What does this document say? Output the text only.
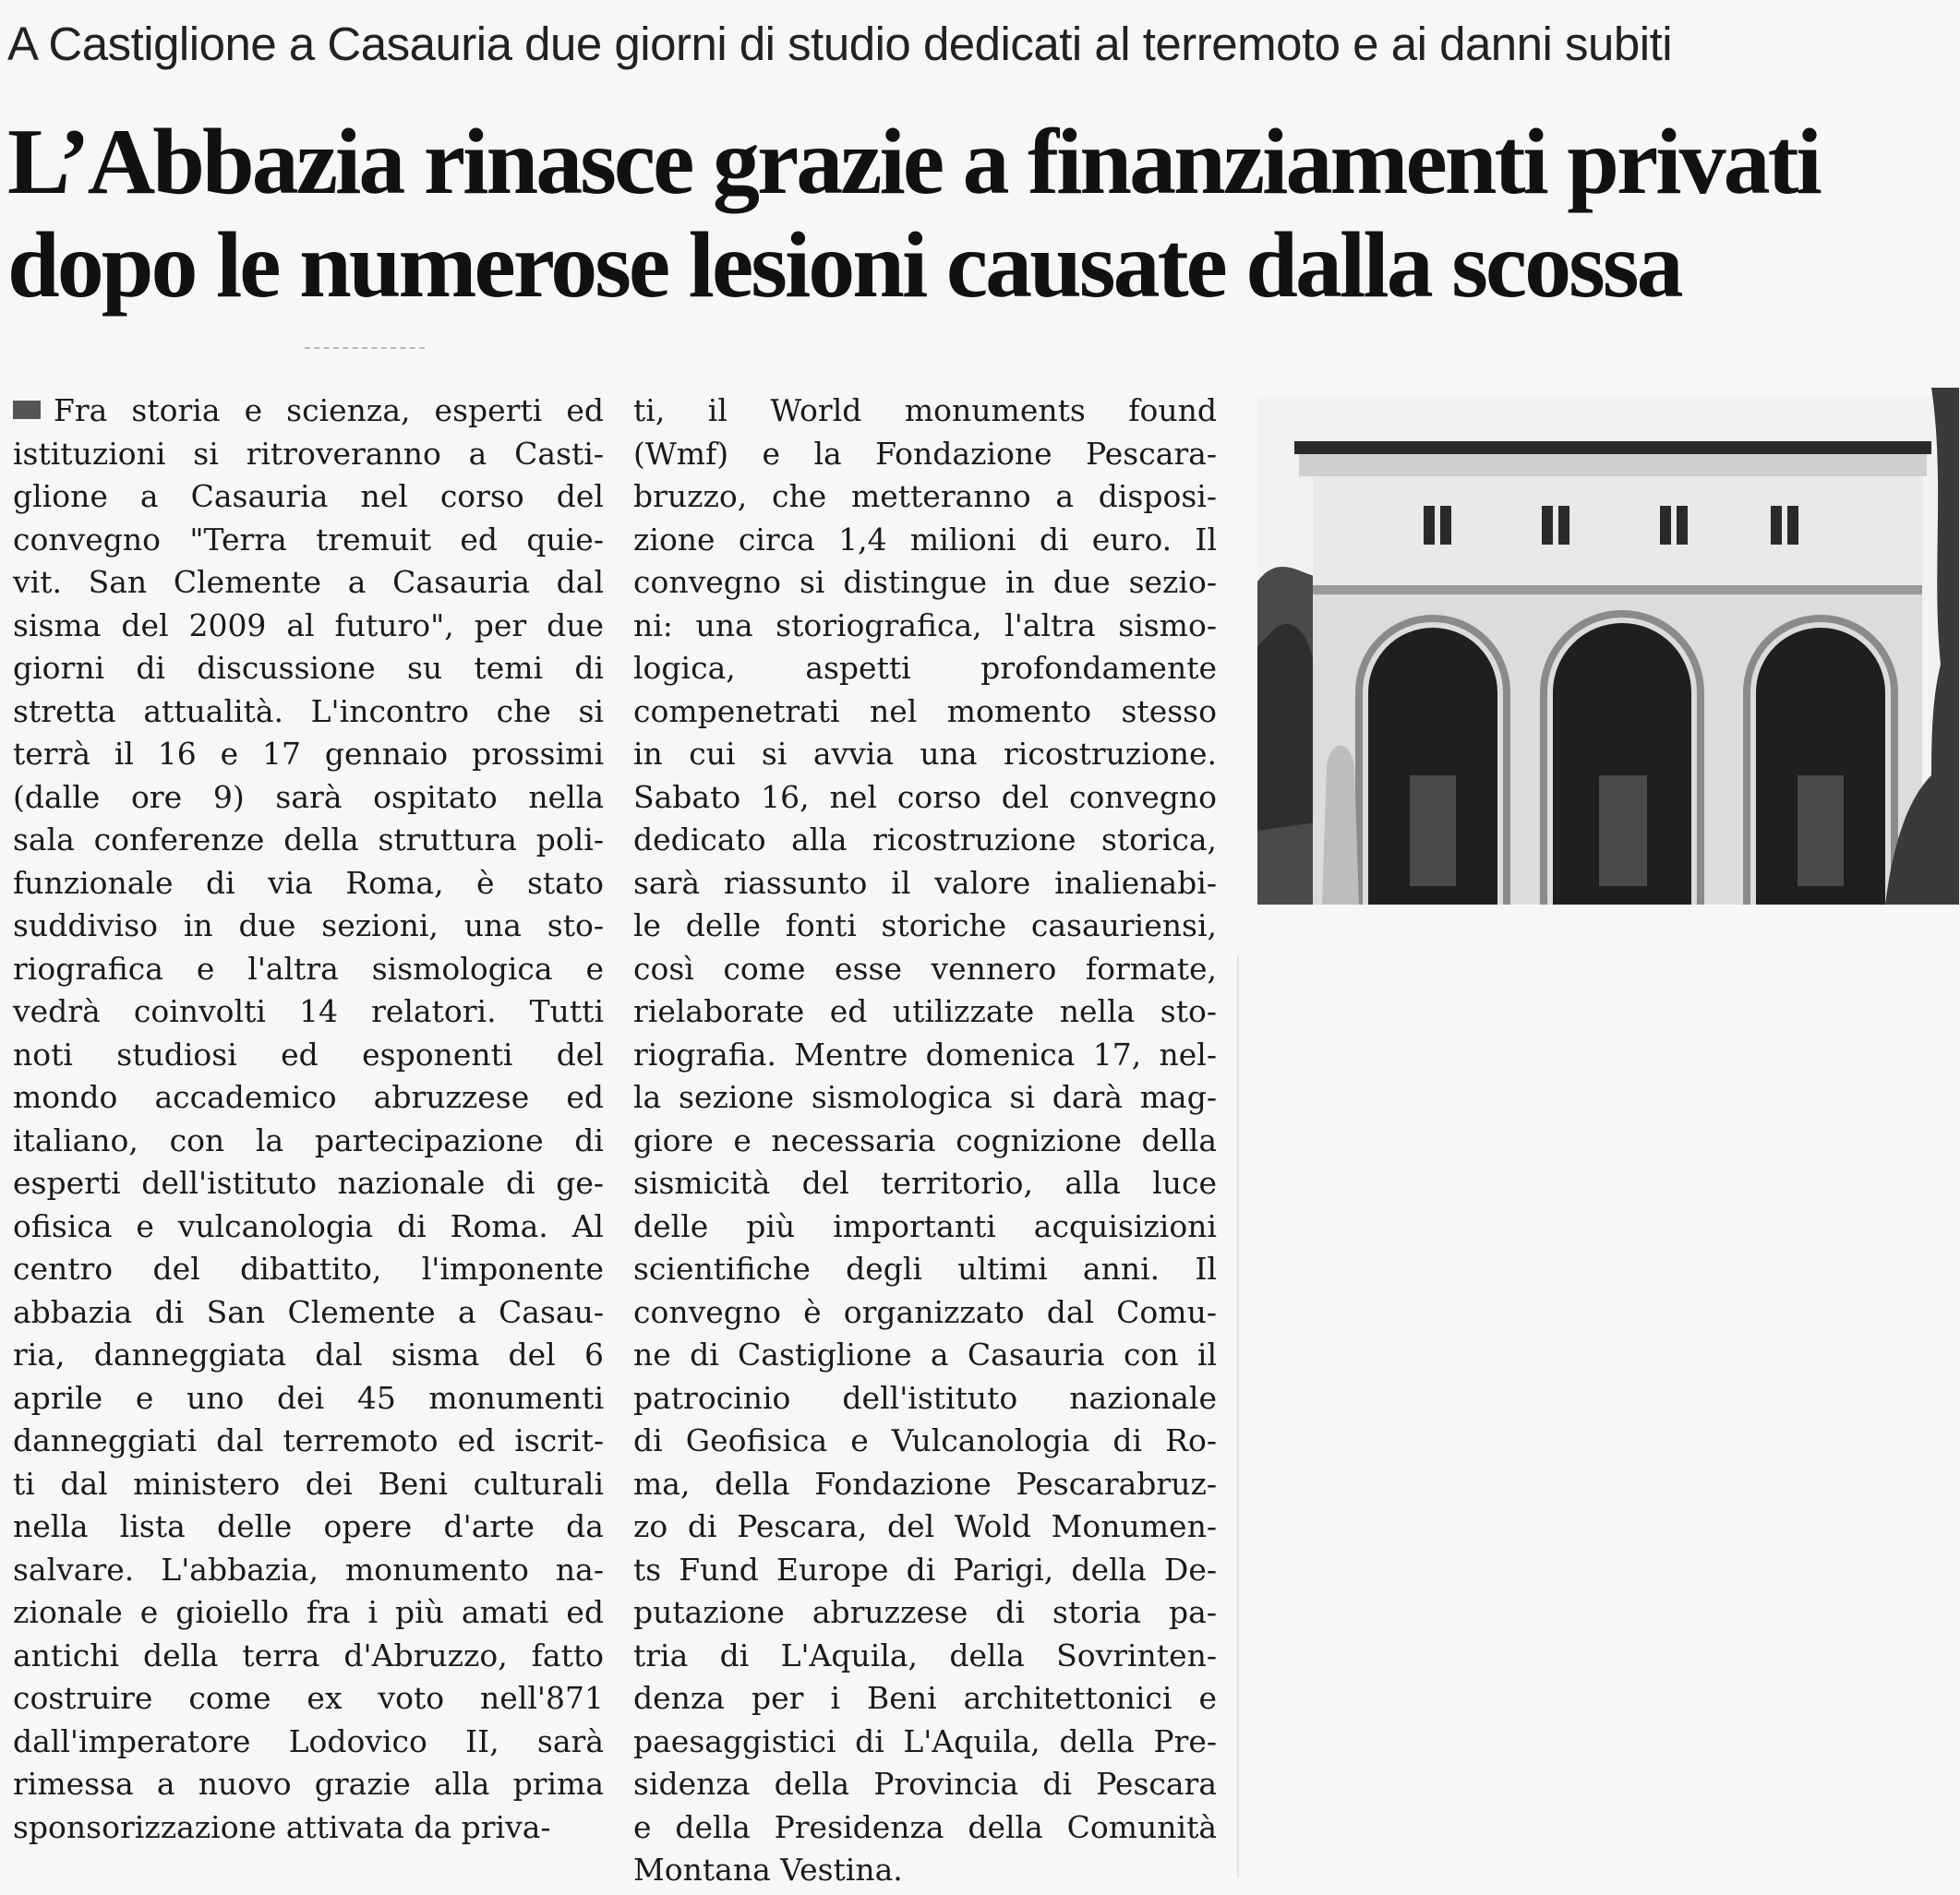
A Castiglione a Casauria due giorni di studio dedicati al terremoto e ai danni subiti
L’Abbazia rinasce grazie a finanziamenti privati
dopo le numerose lesioni causate dalla scossa

Fra storia e scienza, esperti ed

istituzioni si ritroveranno a Casti-

glione a Casauria nel corso del

convegno "Terra tremuit ed quie-

vit. San Clemente a Casauria dal

sisma del 2009 al futuro", per due

giorni di discussione su temi di

stretta attualità. L'incontro che si

terrà il 16 e 17 gennaio prossimi

(dalle ore 9) sarà ospitato nella

sala conferenze della struttura poli-

funzionale di via Roma, è stato

suddiviso in due sezioni, una sto-

riografica e l'altra sismologica e

vedrà coinvolti 14 relatori. Tutti

noti studiosi ed esponenti del

mondo accademico abruzzese ed

italiano, con la partecipazione di

esperti dell'istituto nazionale di ge-

ofisica e vulcanologia di Roma. Al

centro del dibattito, l'imponente

abbazia di San Clemente a Casau-

ria, danneggiata dal sisma del 6

aprile e uno dei 45 monumenti

danneggiati dal terremoto ed iscrit-

ti dal ministero dei Beni culturali

nella lista delle opere d'arte da

salvare. L'abbazia, monumento na-

zionale e gioiello fra i più amati ed

antichi della terra d'Abruzzo, fatto

costruire come ex voto nell'871

dall'imperatore Lodovico II, sarà

rimessa a nuovo grazie alla prima

sponsorizzazione attivata da priva-

ti, il World monuments found

(Wmf) e la Fondazione Pescara-

bruzzo, che metteranno a disposi-

zione circa 1,4 milioni di euro. Il

convegno si distingue in due sezio-

ni: una storiografica, l'altra sismo-

logica, aspetti profondamente

compenetrati nel momento stesso

in cui si avvia una ricostruzione.

Sabato 16, nel corso del convegno

dedicato alla ricostruzione storica,

sarà riassunto il valore inalienabi-

le delle fonti storiche casauriensi,

così come esse vennero formate,

rielaborate ed utilizzate nella sto-

riografia. Mentre domenica 17, nel-

la sezione sismologica si darà mag-

giore e necessaria cognizione della

sismicità del territorio, alla luce

delle più importanti acquisizioni

scientifiche degli ultimi anni. Il

convegno è organizzato dal Comu-

ne di Castiglione a Casauria con il

patrocinio dell'istituto nazionale

di Geofisica e Vulcanologia di Ro-

ma, della Fondazione Pescarabruz-

zo di Pescara, del Wold Monumen-

ts Fund Europe di Parigi, della De-

putazione abruzzese di storia pa-

tria di L'Aquila, della Sovrinten-

denza per i Beni architettonici e

paesaggistici di L'Aquila, della Pre-

sidenza della Provincia di Pescara

e della Presidenza della Comunità

Montana Vestina.
